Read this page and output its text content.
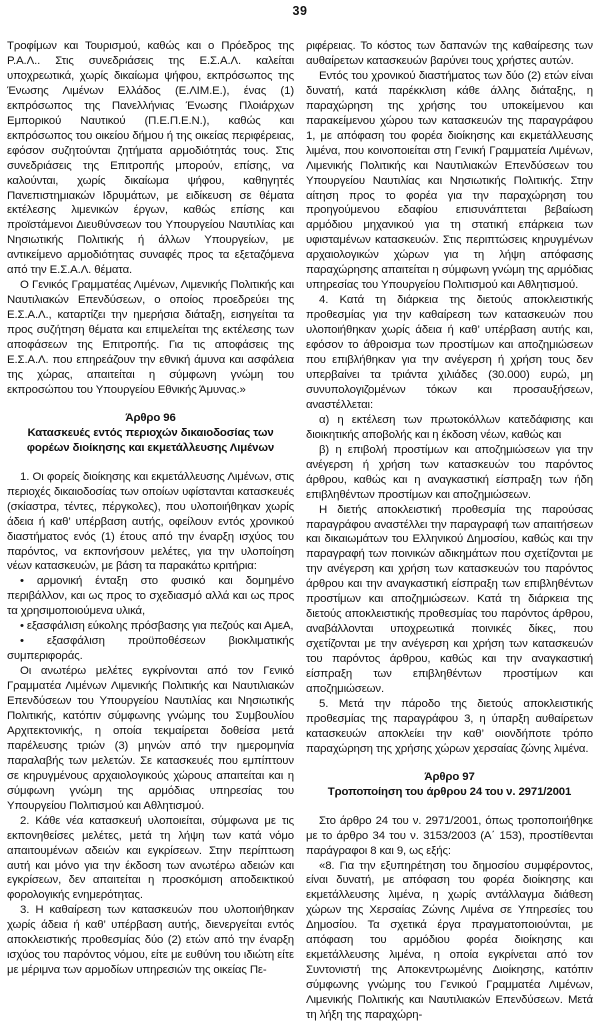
39

Τροφίμων και Τουρισμού, καθώς και ο Πρόεδρος της Ρ.Α.Λ.. Στις συνεδριάσεις της Ε.Σ.Α.Λ. καλείται υποχρεωτικά, χωρίς δικαίωμα ψήφου, εκπρόσωπος της Ένωσης Λιμένων Ελλάδος (Ε.ΛΙΜ.Ε.), ένας (1) εκπρόσωπος της Πανελλήνιας Ένωσης Πλοιάρχων Εμπορικού Ναυτικού (Π.Ε.Π.Ε.Ν.), καθώς και εκπρόσωπος του οικείου δήμου ή της οικείας περιφέρειας, εφόσον συζητούνται ζητήματα αρμοδιότητάς τους. Στις συνεδριάσεις της Επιτροπής μπορούν, επίσης, να καλούνται, χωρίς δικαίωμα ψήφου, καθηγητές Πανεπιστημιακών Ιδρυμάτων, με ειδίκευση σε θέματα εκτέλεσης λιμενικών έργων, καθώς επίσης και προϊστάμενοι Διευθύνσεων του Υπουργείου Ναυτιλίας και Νησιωτικής Πολιτικής ή άλλων Υπουργείων, με αντικείμενο αρμοδιότητας συναφές προς τα εξεταζόμενα από την Ε.Σ.Α.Λ. θέματα.

Ο Γενικός Γραμματέας Λιμένων, Λιμενικής Πολιτικής και Ναυτιλιακών Επενδύσεων, ο οποίος προεδρεύει της Ε.Σ.Α.Λ., καταρτίζει την ημερήσια διάταξη, εισηγείται τα προς συζήτηση θέματα και επιμελείται της εκτέλεσης των αποφάσεων της Επιτροπής. Για τις αποφάσεις της Ε.Σ.Α.Λ. που επηρεάζουν την εθνική άμυνα και ασφάλεια της χώρας, απαιτείται η σύμφωνη γνώμη του εκπροσώπου του Υπουργείου Εθνικής Άμυνας.»

Άρθρο 96
Κατασκευές εντός περιοχών δικαιοδοσίας των φορέων διοίκησης και εκμετάλλευσης Λιμένων

1. Οι φορείς διοίκησης και εκμετάλλευσης Λιμένων, στις περιοχές δικαιοδοσίας των οποίων υφίστανται κατασκευές (σκίαστρα, τέντες, πέργκολες), που υλοποιήθηκαν χωρίς άδεια ή καθ’ υπέρβαση αυτής, οφείλουν εντός χρονικού διαστήματος ενός (1) έτους από την έναρξη ισχύος του παρόντος, να εκπονήσουν μελέτες, για την υλοποίηση νέων κατασκευών, με βάση τα παρακάτω κριτήρια:

• αρμονική ένταξη στο φυσικό και δομημένο περιβάλλον, και ως προς το σχεδιασμό αλλά και ως προς τα χρησιμοποιούμενα υλικά,

• εξασφάλιση εύκολης πρόσβασης για πεζούς και ΑμεΑ,

• εξασφάλιση προϋποθέσεων βιοκλιματικής συμπεριφοράς.

Οι ανωτέρω μελέτες εγκρίνονται από τον Γενικό Γραμματέα Λιμένων Λιμενικής Πολιτικής και Ναυτιλιακών Επενδύσεων του Υπουργείου Ναυτιλίας και Νησιωτικής Πολιτικής, κατόπιν σύμφωνης γνώμης του Συμβουλίου Αρχιτεκτονικής, η οποία τεκμαίρεται δοθείσα μετά παρέλευσης τριών (3) μηνών από την ημερομηνία παραλαβής των μελετών. Σε κατασκευές που εμπίπτουν σε κηρυγμένους αρχαιολογικούς χώρους απαιτείται και η σύμφωνη γνώμη της αρμόδιας υπηρεσίας του Υπουργείου Πολιτισμού και Αθλητισμού.

2. Κάθε νέα κατασκευή υλοποιείται, σύμφωνα με τις εκπονηθείσες μελέτες, μετά τη λήψη των κατά νόμο απαιτουμένων αδειών και εγκρίσεων. Στην περίπτωση αυτή και μόνο για την έκδοση των ανωτέρω αδειών και εγκρίσεων, δεν απαιτείται η προσκόμιση αποδεικτικού φορολογικής ενημερότητας.

3. Η καθαίρεση των κατασκευών που υλοποιήθηκαν χωρίς άδεια ή καθ’ υπέρβαση αυτής, διενεργείται εντός αποκλειστικής προθεσμίας δύο (2) ετών από την έναρξη ισχύος του παρόντος νόμου, είτε με ευθύνη του ιδιώτη είτε με μέριμνα των αρμοδίων υπηρεσιών της οικείας Πε-

ριφέρειας. Το κόστος των δαπανών της καθαίρεσης των αυθαίρετων κατασκευών βαρύνει τους χρήστες αυτών.

Εντός του χρονικού διαστήματος των δύο (2) ετών είναι δυνατή, κατά παρέκκλιση κάθε άλλης διάταξης, η παραχώρηση της χρήσης του υποκείμενου και παρακείμενου χώρου των κατασκευών της παραγράφου 1, με απόφαση του φορέα διοίκησης και εκμετάλλευσης λιμένα, που κοινοποιείται στη Γενική Γραμματεία Λιμένων, Λιμενικής Πολιτικής και Ναυτιλιακών Επενδύσεων του Υπουργείου Ναυτιλίας και Νησιωτικής Πολιτικής. Στην αίτηση προς το φορέα για την παραχώρηση του προηγούμενου εδαφίου επισυνάπτεται βεβαίωση αρμόδιου μηχανικού για τη στατική επάρκεια των υφισταμένων κατασκευών. Στις περιπτώσεις κηρυγμένων αρχαιολογικών χώρων για τη λήψη απόφασης παραχώρησης απαιτείται η σύμφωνη γνώμη της αρμόδιας υπηρεσίας του Υπουργείου Πολιτισμού και Αθλητισμού.

4. Κατά τη διάρκεια της διετούς αποκλειστικής προθεσμίας για την καθαίρεση των κατασκευών που υλοποιήθηκαν χωρίς άδεια ή καθ’ υπέρβαση αυτής και, εφόσον το άθροισμα των προστίμων και αποζημιώσεων που επιβλήθηκαν για την ανέγερση ή χρήση τους δεν υπερβαίνει τα τριάντα χιλιάδες (30.000) ευρώ, μη συνυπολογιζομένων τόκων και προσαυξήσεων, αναστέλλεται:

α) η εκτέλεση των πρωτοκόλλων κατεδάφισης και διοικητικής αποβολής και η έκδοση νέων, καθώς και

β) η επιβολή προστίμων και αποζημιώσεων για την ανέγερση ή χρήση των κατασκευών του παρόντος άρθρου, καθώς και η αναγκαστική είσπραξη των ήδη επιβληθέντων προστίμων και αποζημιώσεων.

Η διετής αποκλειστική προθεσμία της παρούσας παραγράφου αναστέλλει την παραγραφή των απαιτήσεων και δικαιωμάτων του Ελληνικού Δημοσίου, καθώς και την παραγραφή των ποινικών αδικημάτων που σχετίζονται με την ανέγερση και χρήση των κατασκευών του παρόντος άρθρου και την αναγκαστική είσπραξη των επιβληθέντων προστίμων και αποζημιώσεων. Κατά τη διάρκεια της διετούς αποκλειστικής προθεσμίας του παρόντος άρθρου, αναβάλλονται υποχρεωτικά ποινικές δίκες, που σχετίζονται με την ανέγερση και χρήση των κατασκευών του παρόντος άρθρου, καθώς και την αναγκαστική είσπραξη των επιβληθέντων προστίμων και αποζημιώσεων.

5. Μετά την πάροδο της διετούς αποκλειστικής προθεσμίας της παραγράφου 3, η ύπαρξη αυθαίρετων κατασκευών αποκλείει την καθ’ οιονδήποτε τρόπο παραχώρηση της χρήσης χώρων χερσαίας ζώνης λιμένα.

Άρθρο 97
Τροποποίηση του άρθρου 24 του ν. 2971/2001

Στο άρθρο 24 του ν. 2971/2001, όπως τροποποιήθηκε με το άρθρο 34 του ν. 3153/2003 (Α΄ 153), προστίθενται παράγραφοι 8 και 9, ως εξής:

«8. Για την εξυπηρέτηση του δημοσίου συμφέροντος, είναι δυνατή, με απόφαση του φορέα διοίκησης και εκμετάλλευσης λιμένα, η χωρίς αντάλλαγμα διάθεση χώρων της Χερσαίας Ζώνης Λιμένα σε Υπηρεσίες του Δημοσίου. Τα σχετικά έργα πραγματοποιούνται, με απόφαση του αρμόδιου φορέα διοίκησης και εκμετάλλευσης λιμένα, η οποία εγκρίνεται από τον Συντονιστή της Αποκεντρωμένης Διοίκησης, κατόπιν σύμφωνης γνώμης του Γενικού Γραμματέα Λιμένων, Λιμενικής Πολιτικής και Ναυτιλιακών Επενδύσεων. Μετά τη λήξη της παραχώρη-
